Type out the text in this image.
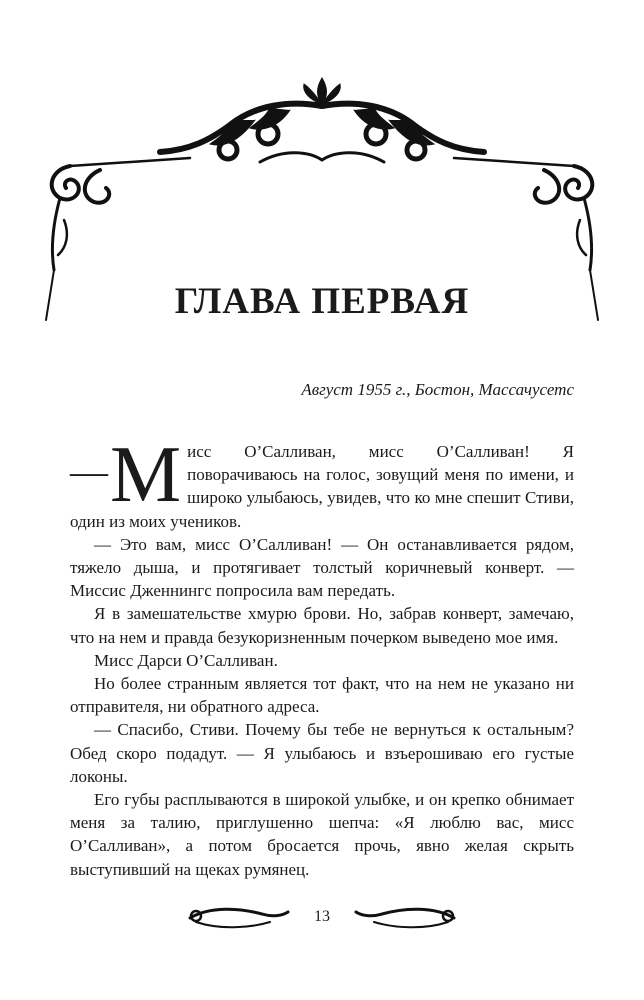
ГЛАВА ПЕРВАЯ

Август 1955 г., Бостон, Массачусетс

— М исс О’Салливан, мисс О’Салливан! Я поворачиваюсь на голос, зовущий меня по имени, и широко улыбаюсь, увидев, что ко мне спешит Стиви, один из моих учеников.

— Это вам, мисс О’Салливан! — Он останавливается рядом, тяжело дыша, и протягивает толстый коричневый конверт. — Миссис Дженнингс попросила вам передать.

Я в замешательстве хмурю брови. Но, забрав конверт, замечаю, что на нем и правда безукоризненным почерком выведено мое имя.

Мисс Дарси О’Салливан.

Но более странным является тот факт, что на нем не указано ни отправителя, ни обратного адреса.

— Спасибо, Стиви. Почему бы тебе не вернуться к остальным? Обед скоро подадут. — Я улыбаюсь и взъерошиваю его густые локоны.

Его губы расплываются в широкой улыбке, и он крепко обнимает меня за талию, приглушенно шепча: «Я люблю вас, мисс О’Салливан», а потом бросается прочь, явно желая скрыть выступивший на щеках румянец.

13
